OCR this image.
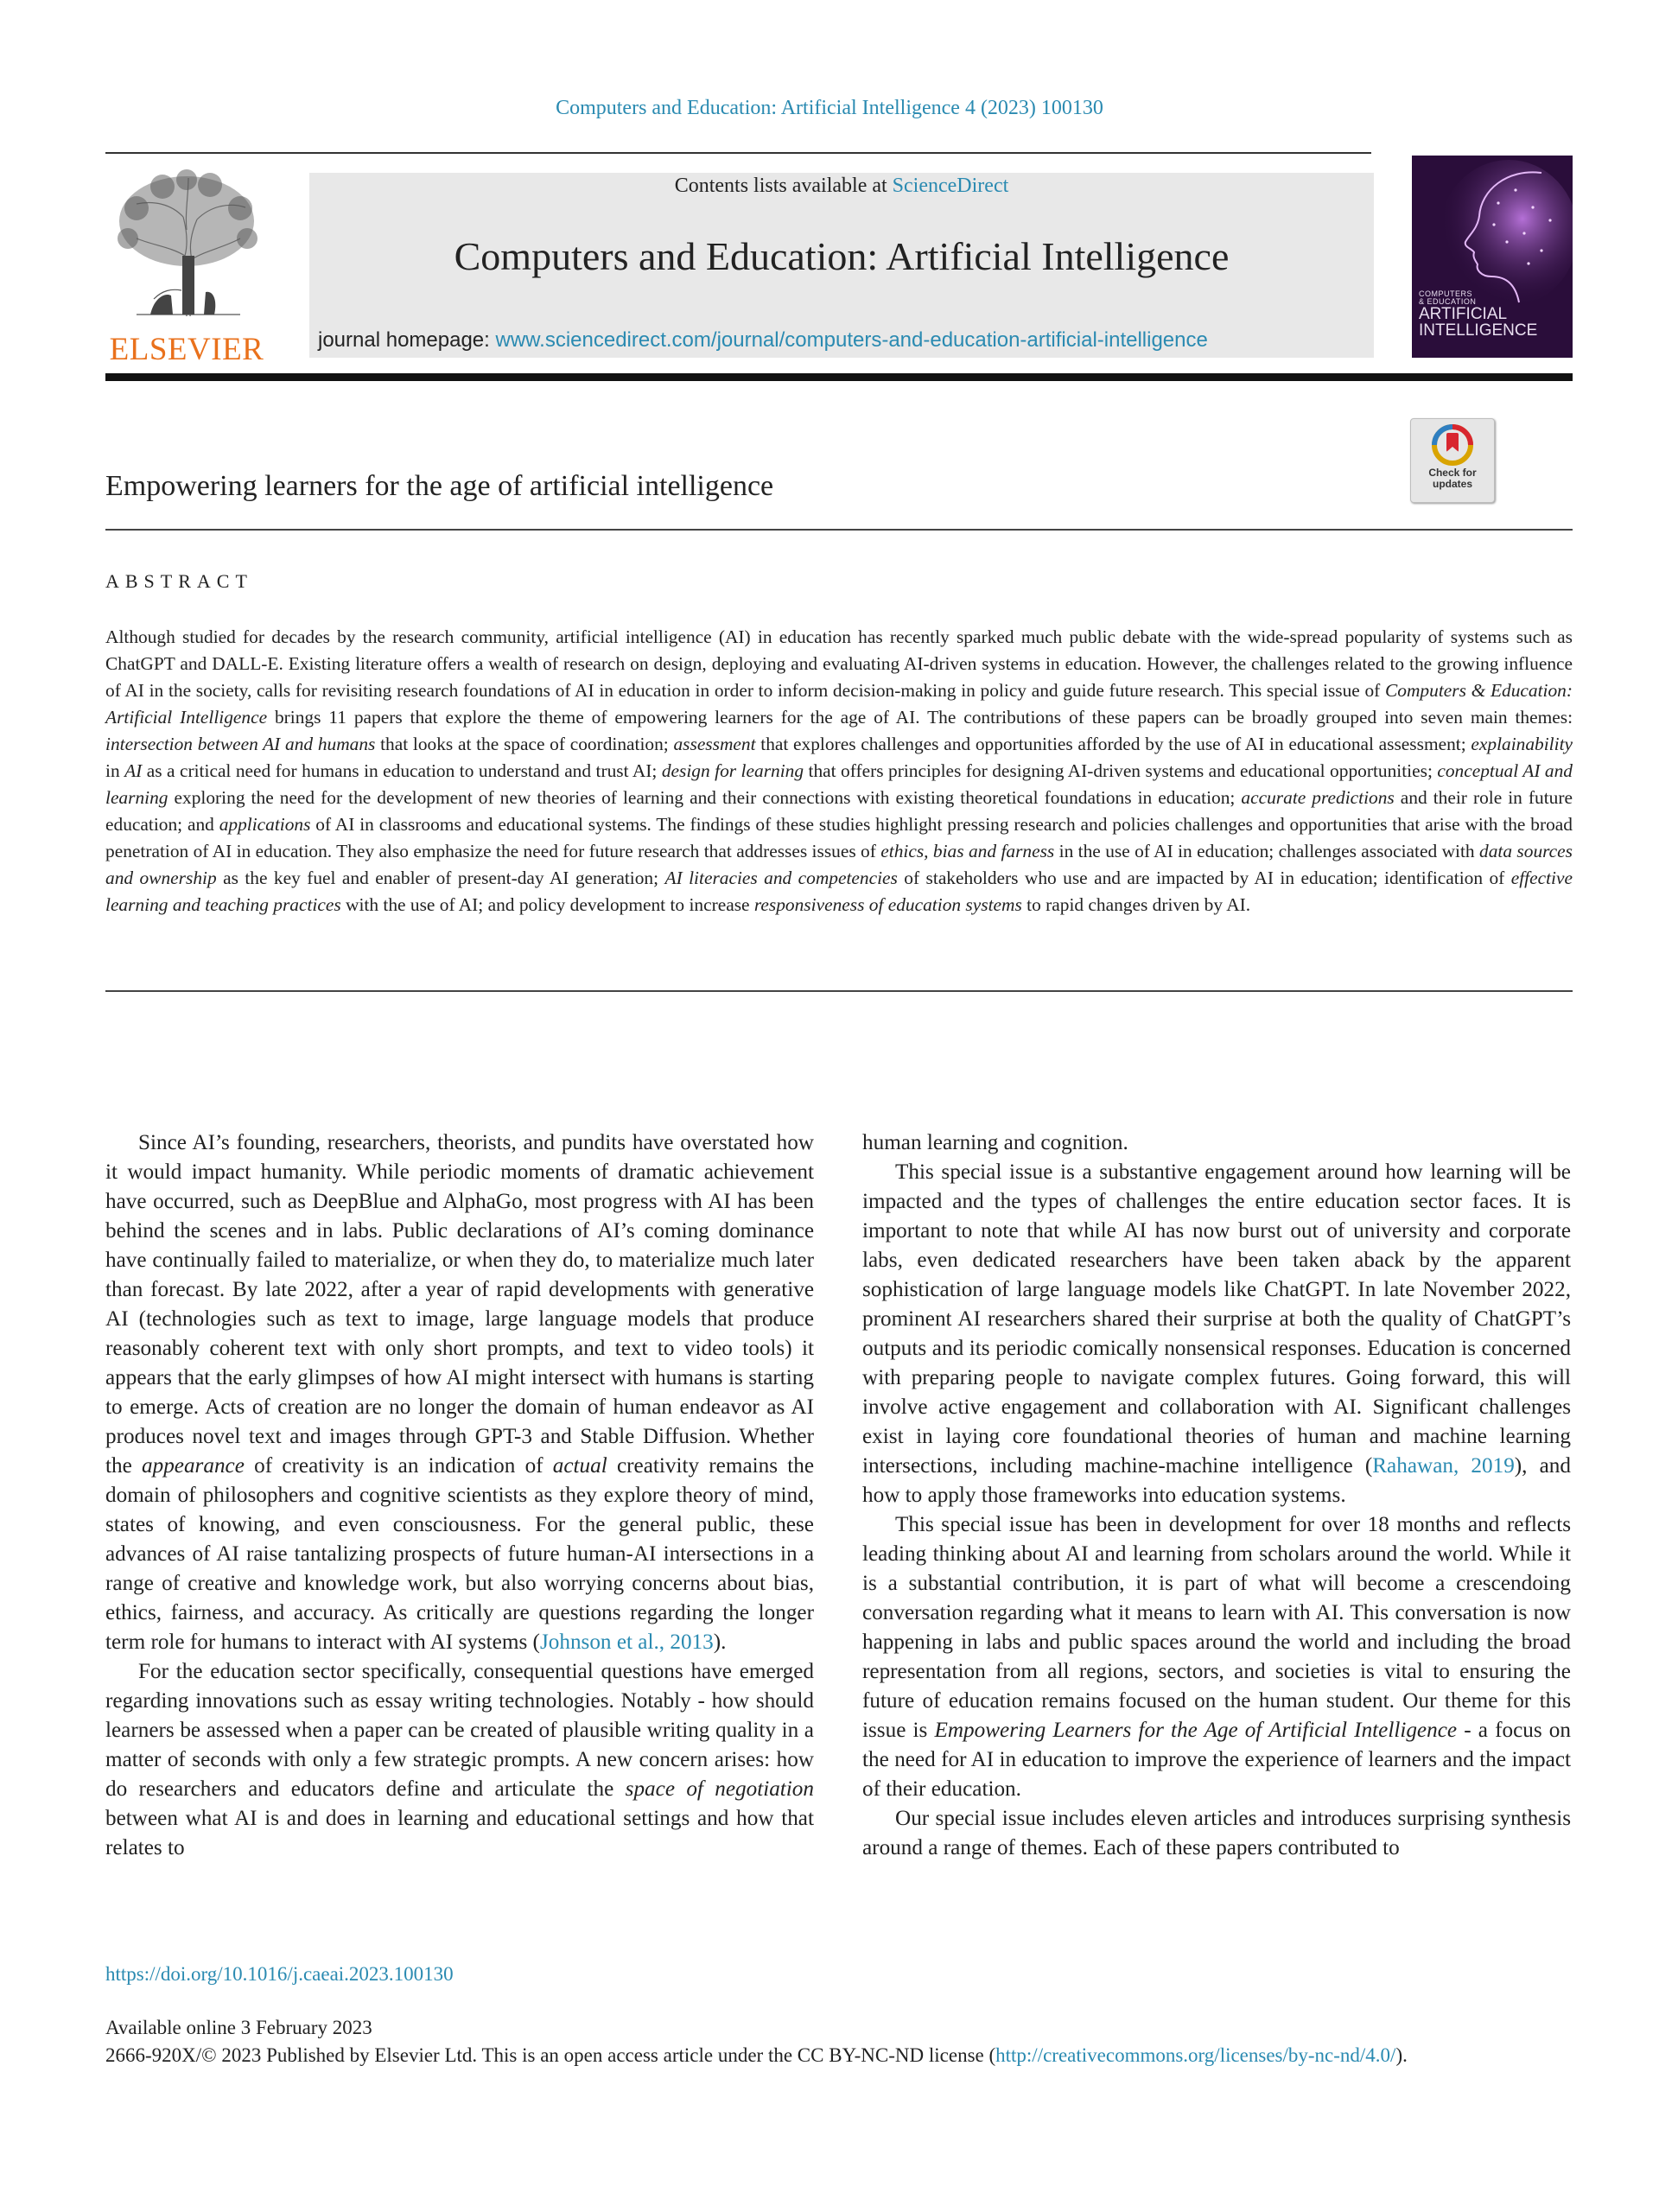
Computers and Education: Artificial Intelligence 4 (2023) 100130
ELSEVIER
Contents lists available at ScienceDirect
Computers and Education: Artificial Intelligence
journal homepage: www.sciencedirect.com/journal/computers-and-education-artificial-intelligence
COMPUTERS
& EDUCATION
ARTIFICIAL
INTELLIGENCE
Empowering learners for the age of artificial intelligence	Check for
updates
ABSTRACT
Although studied for decades by the research community, artificial intelligence (AI) in education has recently sparked much public debate with the wide-spread popularity of systems such as ChatGPT and DALL-E. Existing literature offers a wealth of research on design, deploying and evaluating AI-driven systems in education. However, the challenges related to the growing influence of AI in the society, calls for revisiting research foundations of AI in education in order to inform decision-making in policy and guide future research. This special issue of Computers & Education: Artificial Intelligence brings 11 papers that explore the theme of empowering learners for the age of AI. The contributions of these papers can be broadly grouped into seven main themes: intersection between AI and humans that looks at the space of coordination; assessment that explores challenges and opportunities afforded by the use of AI in educational assessment; explainability in AI as a critical need for humans in education to understand and trust AI; design for learning that offers principles for designing AI-driven systems and educational opportunities; conceptual AI and learning exploring the need for the development of new theories of learning and their connections with existing theoretical foundations in education; accurate predictions and their role in future education; and applications of AI in classrooms and educational systems. The findings of these studies highlight pressing research and policies challenges and opportunities that arise with the broad penetration of AI in education. They also emphasize the need for future research that addresses issues of ethics, bias and farness in the use of AI in education; challenges associated with data sources and ownership as the key fuel and enabler of present-day AI generation; AI literacies and competencies of stakeholders who use and are impacted by AI in education; identification of effective learning and teaching practices with the use of AI; and policy development to increase responsiveness of education systems to rapid changes driven by AI.

Since AI’s founding, researchers, theorists, and pundits have overstated how it would impact humanity. While periodic moments of dramatic achievement have occurred, such as DeepBlue and AlphaGo, most progress with AI has been behind the scenes and in labs. Public declarations of AI’s coming dominance have continually failed to materialize, or when they do, to materialize much later than forecast. By late 2022, after a year of rapid developments with generative AI (technologies such as text to image, large language models that produce reasonably coherent text with only short prompts, and text to video tools) it appears that the early glimpses of how AI might intersect with humans is starting to emerge. Acts of creation are no longer the domain of human endeavor as AI produces novel text and images through GPT-3 and Stable Diffusion. Whether the appearance of creativity is an indication of actual creativity remains the domain of philosophers and cognitive scientists as they explore theory of mind, states of knowing, and even consciousness. For the general public, these advances of AI raise tantalizing prospects of future human-AI intersections in a range of creative and knowledge work, but also worrying concerns about bias, ethics, fairness, and accuracy. As critically are questions regarding the longer term role for humans to interact with AI systems (Johnson et al., 2013).

For the education sector specifically, consequential questions have emerged regarding innovations such as essay writing technologies. Notably - how should learners be assessed when a paper can be created of plausible writing quality in a matter of seconds with only a few strategic prompts. A new concern arises: how do researchers and educators define and articulate the space of negotiation between what AI is and does in learning and educational settings and how that relates to

human learning and cognition.

This special issue is a substantive engagement around how learning will be impacted and the types of challenges the entire education sector faces. It is important to note that while AI has now burst out of university and corporate labs, even dedicated researchers have been taken aback by the apparent sophistication of large language models like ChatGPT. In late November 2022, prominent AI researchers shared their surprise at both the quality of ChatGPT’s outputs and its periodic comically nonsensical responses. Education is concerned with preparing people to navigate complex futures. Going forward, this will involve active engagement and collaboration with AI. Significant challenges exist in laying core foundational theories of human and machine learning intersections, including machine-machine intelligence (Rahawan, 2019), and how to apply those frameworks into education systems.

This special issue has been in development for over 18 months and reflects leading thinking about AI and learning from scholars around the world. While it is a substantial contribution, it is part of what will become a crescendoing conversation regarding what it means to learn with AI. This conversation is now happening in labs and public spaces around the world and including the broad representation from all regions, sectors, and societies is vital to ensuring the future of education remains focused on the human student. Our theme for this issue is Empowering Learners for the Age of Artificial Intelligence - a focus on the need for AI in education to improve the experience of learners and the impact of their education.

Our special issue includes eleven articles and introduces surprising synthesis around a range of themes. Each of these papers contributed to

https://doi.org/10.1016/j.caeai.2023.100130
Available online 3 February 2023
2666-920X/© 2023 Published by Elsevier Ltd. This is an open access article under the CC BY-NC-ND license (http://creativecommons.org/licenses/by-nc-nd/4.0/).
